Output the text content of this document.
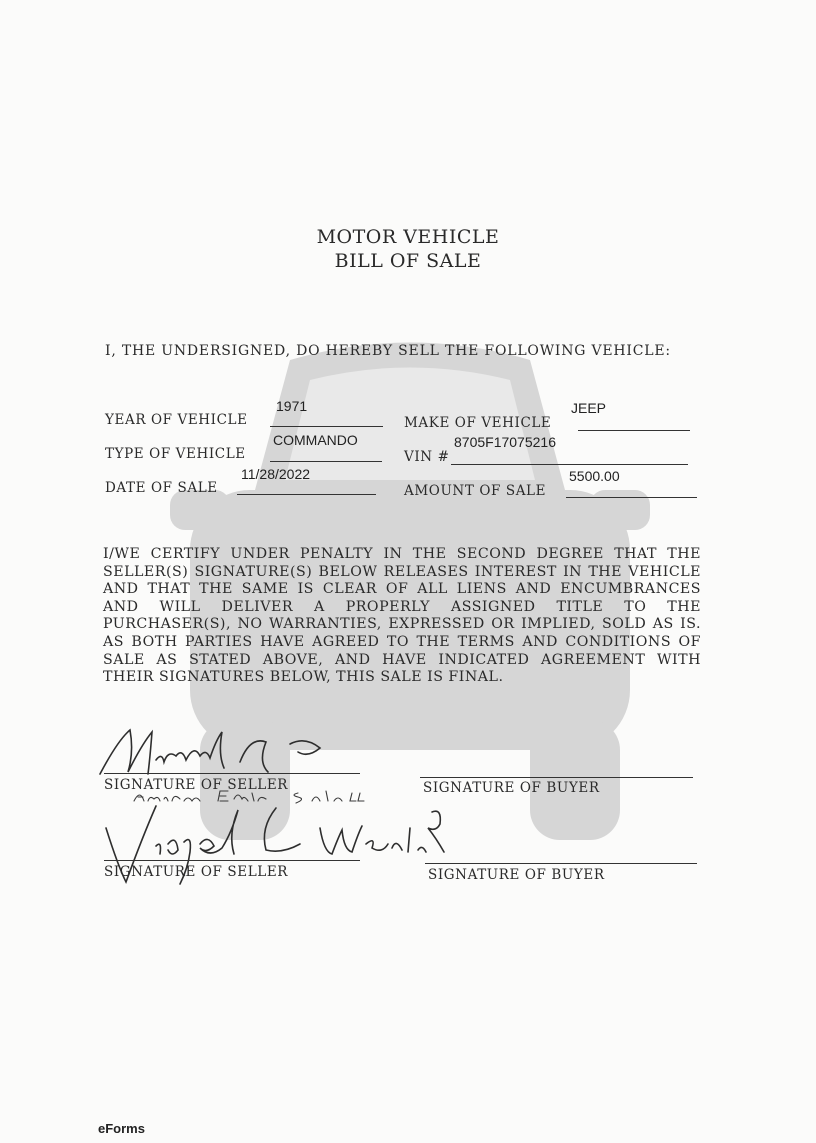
MOTOR VEHICLE
BILL OF SALE
I, THE UNDERSIGNED, DO HEREBY SELL THE FOLLOWING VEHICLE:
YEAR OF VEHICLE
1971
MAKE OF VEHICLE
JEEP
TYPE OF VEHICLE
COMMANDO
VIN #
8705F17075216
DATE OF SALE
11/28/2022
AMOUNT OF SALE
5500.00
I/WE CERTIFY UNDER PENALTY IN THE SECOND DEGREE THAT THE SELLER(S) SIGNATURE(S) BELOW RELEASES INTEREST IN THE VEHICLE AND THAT THE SAME IS CLEAR OF ALL LIENS AND ENCUMBRANCES AND WILL DELIVER A PROPERLY ASSIGNED TITLE TO THE PURCHASER(S), NO WARRANTIES, EXPRESSED OR IMPLIED, SOLD AS IS. AS BOTH PARTIES HAVE AGREED TO THE TERMS AND CONDITIONS OF SALE AS STATED ABOVE, AND HAVE INDICATED AGREEMENT WITH THEIR SIGNATURES BELOW, THIS SALE IS FINAL.
SIGNATURE OF SELLER	SIGNATURE OF BUYER
SIGNATURE OF SELLER	SIGNATURE OF BUYER
eForms
